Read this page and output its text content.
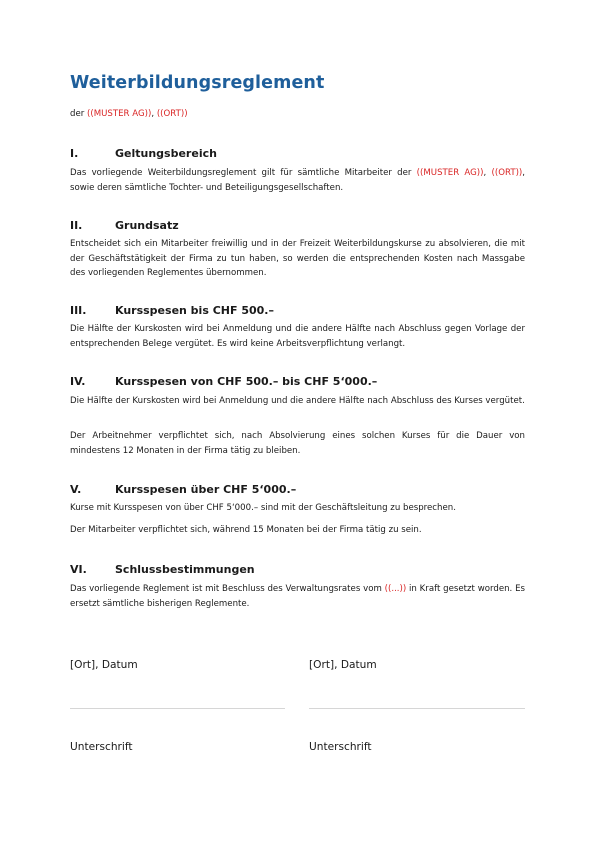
Weiterbildungsreglement
der ((MUSTER AG)), ((ORT))
I.	Geltungsbereich

Das vorliegende Weiterbildungsreglement gilt für sämtliche Mitarbeiter der ((MUSTER AG)), ((ORT)), sowie deren sämtliche Tochter- und Beteiligungsgesellschaften.

II.	Grundsatz

Entscheidet sich ein Mitarbeiter freiwillig und in der Freizeit Weiterbildungskurse zu absolvieren, die mit der Geschäftstätigkeit der Firma zu tun haben, so werden die entsprechenden Kosten nach Massgabe des vorliegenden Reglementes übernommen.

III.	Kursspesen bis CHF 500.–

Die Hälfte der Kurskosten wird bei Anmeldung und die andere Hälfte nach Abschluss gegen Vorlage der entsprechenden Belege vergütet. Es wird keine Arbeitsverpflichtung verlangt.

IV.	Kursspesen von CHF 500.– bis CHF 5‘000.–

Die Hälfte der Kurskosten wird bei Anmeldung und die andere Hälfte nach Abschluss des Kurses vergütet.

Der Arbeitnehmer verpflichtet sich, nach Absolvierung eines solchen Kurses für die Dauer von mindestens 12 Monaten in der Firma tätig zu bleiben.

V.	Kursspesen über CHF 5‘000.–

Kurse mit Kursspesen von über CHF 5‘000.– sind mit der Geschäftsleitung zu besprechen.

Der Mitarbeiter verpflichtet sich, während 15 Monaten bei der Firma tätig zu sein.

VI.	Schlussbestimmungen

Das vorliegende Reglement ist mit Beschluss des Verwaltungsrates vom ((...)) in Kraft gesetzt worden. Es ersetzt sämtliche bisherigen Reglemente.

[Ort], Datum	[Ort], Datum
Unterschrift	Unterschrift
